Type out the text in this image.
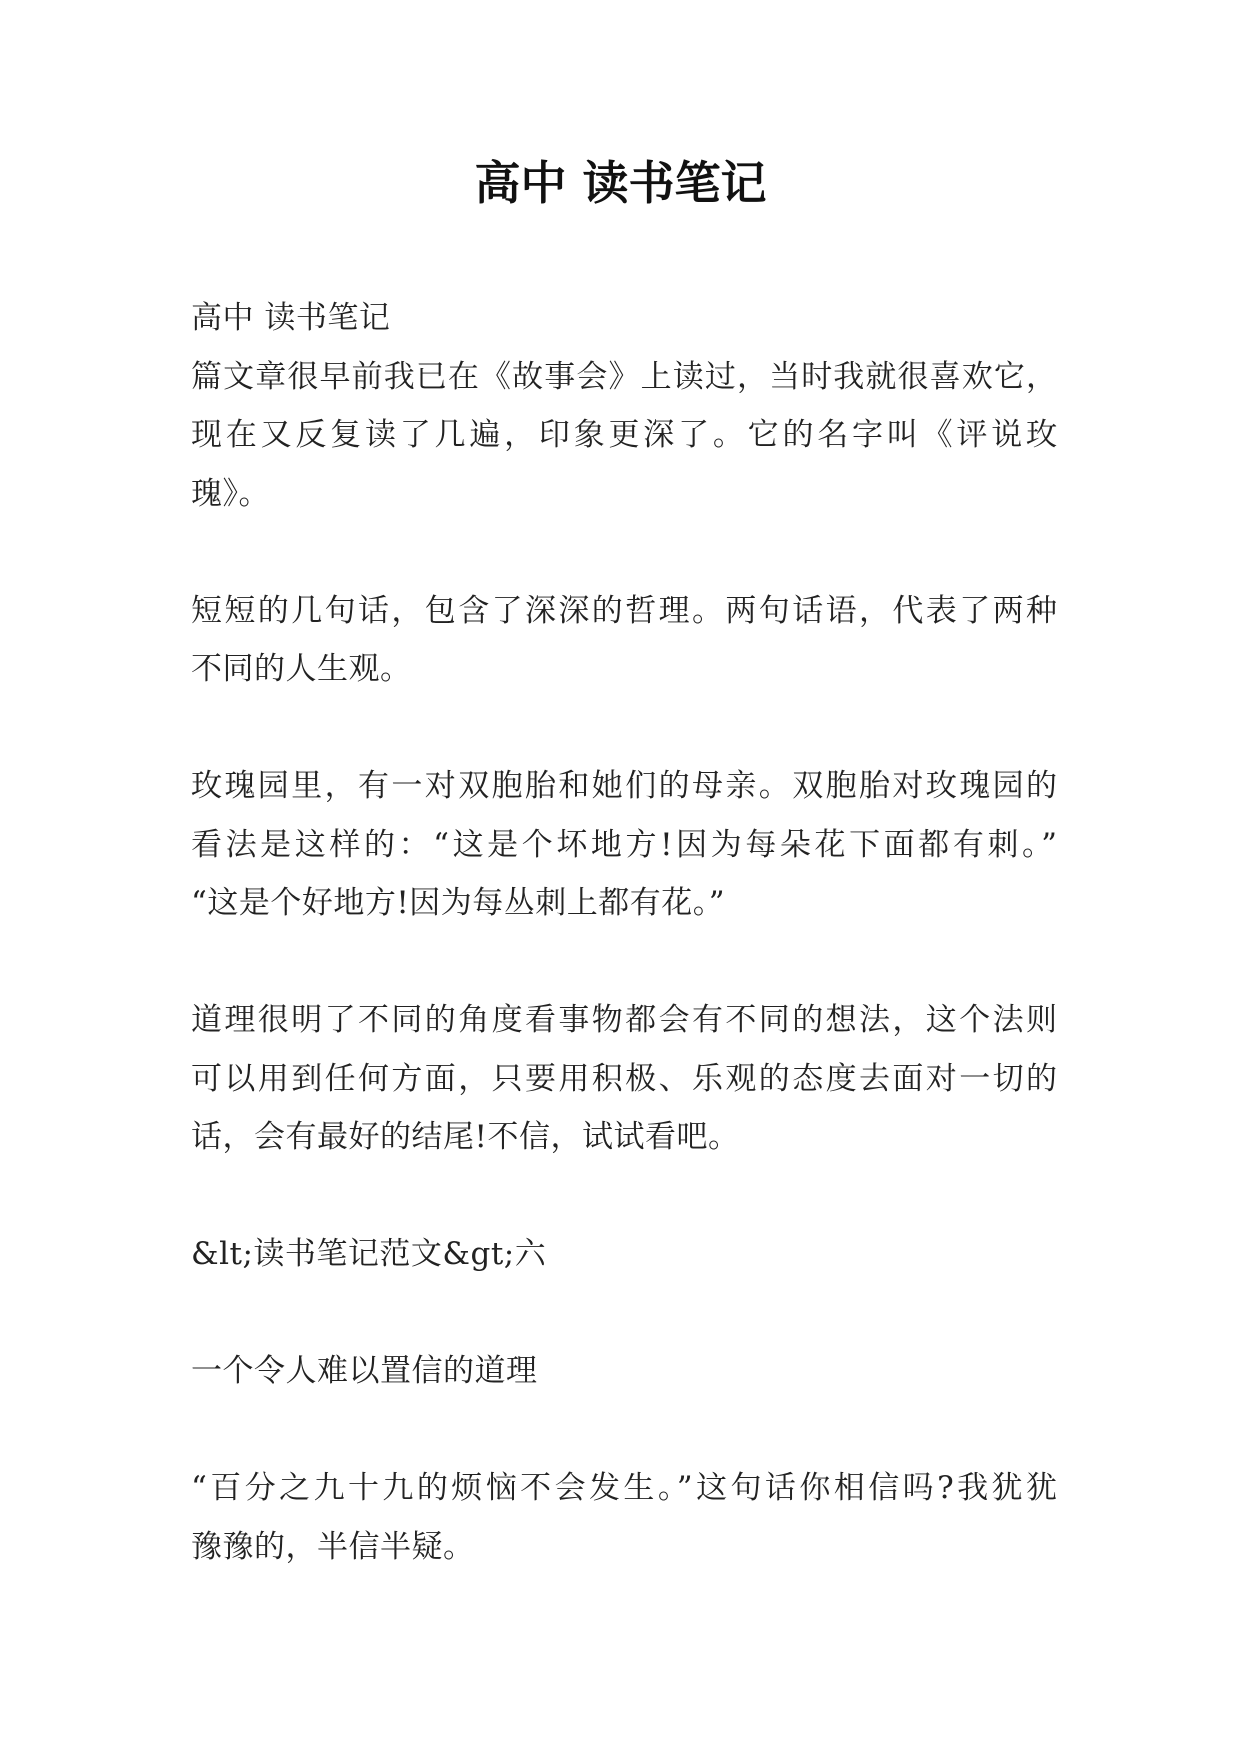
高中 读书笔记
高中 读书笔记
篇文章很早前我已在《故事会》上读过，当时我就很喜欢它，
现在又反复读了几遍，印象更深了。它的名字叫《评说玫
瑰》。
短短的几句话，包含了深深的哲理。两句话语，代表了两种
不同的人生观。
玫瑰园里，有一对双胞胎和她们的母亲。双胞胎对玫瑰园的
看法是这样的：“这是个坏地方!因为每朵花下面都有刺。”
“这是个好地方!因为每丛刺上都有花。”
道理很明了不同的角度看事物都会有不同的想法，这个法则
可以用到任何方面，只要用积极、乐观的态度去面对一切的
话，会有最好的结尾!不信，试试看吧。
&lt;读书笔记范文&gt;六
一个令人难以置信的道理
“百分之九十九的烦恼不会发生。”这句话你相信吗?我犹犹
豫豫的，半信半疑。
